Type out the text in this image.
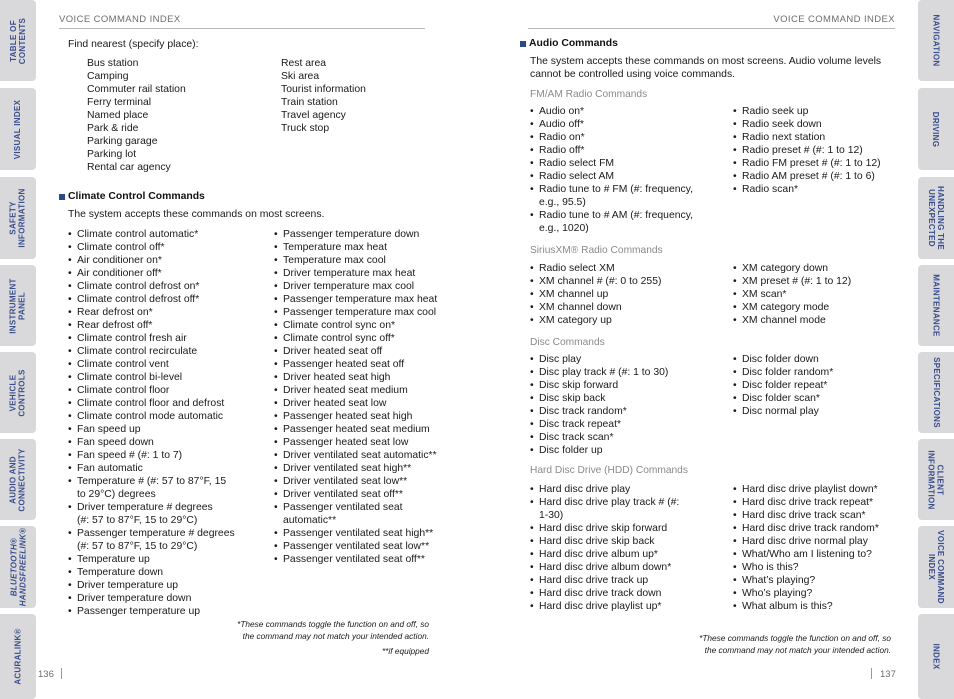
TABLE OF
CONTENTS
VISUAL INDEX
SAFETY
INFORMATION
INSTRUMENT
PANEL
VEHICLE
CONTROLS
AUDIO AND
CONNECTIVITY
BLUETOOTH®
HANDSFREELINK®
ACURALINK®
NAVIGATION
DRIVING
HANDLING THE
UNEXPECTED
MAINTENANCE
SPECIFICATIONS
CLIENT
INFORMATION
VOICE COMMAND
INDEX
INDEX
VOICE COMMAND INDEX	VOICE COMMAND INDEX
Find nearest (specify place):
Bus station
Camping
Commuter rail station
Ferry terminal
Named place
Park & ride
Parking garage
Parking lot
Rental car agency
Rest area
Ski area
Tourist information
Train station
Travel agency
Truck stop
Climate Control Commands
The system accepts these commands on most screens.
• Climate control automatic*
• Climate control off*
• Air conditioner on*
• Air conditioner off*
• Climate control defrost on*
• Climate control defrost off*
• Rear defrost on*
• Rear defrost off*
• Climate control fresh air
• Climate control recirculate
• Climate control vent
• Climate control bi-level
• Climate control floor
• Climate control floor and defrost
• Climate control mode automatic
• Fan speed up
• Fan speed down
• Fan speed # (#: 1 to 7)
• Fan automatic
• Temperature # (#: 57 to 87°F, 15
to 29°C) degrees
• Driver temperature # degrees
(#: 57 to 87°F, 15 to 29°C)
• Passenger temperature # degrees
(#: 57 to 87°F, 15 to 29°C)
• Temperature up
• Temperature down
• Driver temperature up
• Driver temperature down
• Passenger temperature up
• Passenger temperature down
• Temperature max heat
• Temperature max cool
• Driver temperature max heat
• Driver temperature max cool
• Passenger temperature max heat
• Passenger temperature max cool
• Climate control sync on*
• Climate control sync off*
• Driver heated seat off
• Passenger heated seat off
• Driver heated seat high
• Driver heated seat medium
• Driver heated seat low
• Passenger heated seat high
• Passenger heated seat medium
• Passenger heated seat low
• Driver ventilated seat automatic**
• Driver ventilated seat high**
• Driver ventilated seat low**
• Driver ventilated seat off**
• Passenger ventilated seat
automatic**
• Passenger ventilated seat high**
• Passenger ventilated seat low**
• Passenger ventilated seat off**
*These commands toggle the function on and off, so
the command may not match your intended action.
**if equipped
136
Audio Commands
The system accepts these commands on most screens. Audio volume levels
cannot be controlled using voice commands.
FM/AM Radio Commands
• Audio on*
• Audio off*
• Radio on*
• Radio off*
• Radio select FM
• Radio select AM
• Radio tune to # FM (#: frequency,
e.g., 95.5)
• Radio tune to # AM (#: frequency,
e.g., 1020)
• Radio seek up
• Radio seek down
• Radio next station
• Radio preset # (#: 1 to 12)
• Radio FM preset # (#: 1 to 12)
• Radio AM preset # (#: 1 to 6)
• Radio scan*
SiriusXM® Radio Commands
• Radio select XM
• XM channel # (#: 0 to 255)
• XM channel up
• XM channel down
• XM category up
• XM category down
• XM preset # (#: 1 to 12)
• XM scan*
• XM category mode
• XM channel mode
Disc Commands
• Disc play
• Disc play track # (#: 1 to 30)
• Disc skip forward
• Disc skip back
• Disc track random*
• Disc track repeat*
• Disc track scan*
• Disc folder up
• Disc folder down
• Disc folder random*
• Disc folder repeat*
• Disc folder scan*
• Disc normal play
Hard Disc Drive (HDD) Commands
• Hard disc drive play
• Hard disc drive play track # (#:
1-30)
• Hard disc drive skip forward
• Hard disc drive skip back
• Hard disc drive album up*
• Hard disc drive album down*
• Hard disc drive track up
• Hard disc drive track down
• Hard disc drive playlist up*
• Hard disc drive playlist down*
• Hard disc drive track repeat*
• Hard disc drive track scan*
• Hard disc drive track random*
• Hard disc drive normal play
• What/Who am I listening to?
• Who is this?
• What’s playing?
• Who’s playing?
• What album is this?
*These commands toggle the function on and off, so
the command may not match your intended action.
137
